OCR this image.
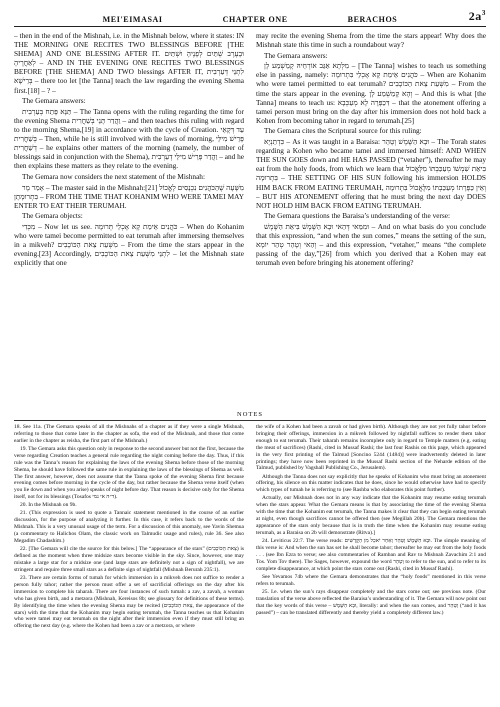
MEI'EIMASAI	CHAPTER ONE	BERACHOS	$2a^3$

– then in the end of the Mishnah, i.e. in the Mishnah below, where it states: IN THE MORNING ONE RECITES TWO BLESSINGS BEFORE [THE SHEMA] AND ONE BLESSING AFTER IT. וּבָעֶרֶב שְׁתַּיִם לְפָנֶיהָ וּשְׁתַּיִם לְאַחֲרֶיהָ – AND IN THE EVENING ONE RECITES TWO BLESSINGS BEFORE [THE SHEMA] AND TWO blessings AFTER IT, לִתְנֵי דְּעַרְבִית בְּרֵישָׁא – there too let [the Tanna] teach the law regarding the evening Shema first.[18] – ? –

The Gemara answers:

תַּנָּא פָּתַח בְּעַרְבִית – The Tanna opens with the ruling regarding the time for the evening Shema וַהֲדַר תָּנֵי בְּשַׁחֲרִית – and then teaches this ruling with regard to the morning Shema,[19] in accordance with the cycle of Creation. עַד דְּקָאֵי בְּשַׁחֲרִית – Then, while he is still involved with the laws of morning, פָּרֵישׁ מִילֵּי דְשַׁחֲרִית – he explains other matters of the morning (namely, the number of blessings said in conjunction with the Shema), וַהֲדַר פָּרֵישׁ מִילֵּי דְעַרְבִית – and he then explains these matters as they relate to the evening.

The Gemara now considers the next statement of the Mishnah:

אָמַר מָר – The master said in the Mishnah:[21] מִשָּׁעָה שֶׁהַכֹּהֲנִים נִכְנָסִים לֶאֱכוֹל בִּתְרוּמָתָן – FROM THE TIME THAT KOHANIM WHO WERE TAMEI MAY ENTER TO EAT THEIR TERUMAH.

The Gemara objects:

מִכְּדִי – Now let us see. כֹּהֲנִים אֵימַת קָא אָכְלֵי תְּרוּמָה – When do Kohanim who were tamei become permitted to eat terumah after immersing themselves in a mikveh? מִשְּׁעַת צֵאת הַכּוֹכָבִים – From the time the stars appear in the evening.[23] Accordingly, לִתְנֵי מִשְּׁעַת צֵאת הַכּוֹכָבִים – let the Mishnah state explicitly that one

may recite the evening Shema from the time the stars appear! Why does the Mishnah state this time in such a roundabout way?

The Gemara answers:

מִלְּתָא אַגַּב אוֹרְחֵיהּ קָמַשְׁמַע לָן – [The Tanna] wishes to teach us something else in passing, namely: כֹּהֲנִים אֵימַת קָא אָכְלֵי בִּתְרוּמָה – When are Kohanim who were tamei permitted to eat terumah? מִשְּׁעַת צֵאת הַכּוֹכָבִים – From the time the stars appear in the evening. וְהָא קָמַשְׁמַע לָן – And this is what [the Tanna] means to teach us: דִּכַפָּרָה לָא מְעַכְּבָא – that the atonement offering a tamei person must bring on the day after his immersion does not hold back a Kohen from becoming tahor in regard to terumah.[25]

The Gemara cites the Scriptural source for this ruling:

כִּדְתַנְיָא – As it was taught in a Baraisa: וּבָא הַשֶּׁמֶשׁ וְטָהֵר – The Torah states regarding a Kohen who became tamei and immersed himself: AND WHEN THE SUN GOES down and HE HAS PASSED (“vetaher”), thereafter he may eat from the holy foods, from which we learn that בִּיאַת שִׁמְשׁוֹ מְעַכַּבְתּוֹ מִלֶּאֱכוֹל בִּתְרוּמָה – THE SETTING OF HIS SUN following his immersion HOLDS HIM BACK FROM EATING TERUMAH, וְאֵין כַּפָּרָתוֹ מְעַכַּבְתּוֹ מִלֶּאֱכוֹל בִּתְרוּמָה – BUT HIS ATONEMENT offering that he must bring the next day DOES NOT HOLD HIM BACK FROM EATING TERUMAH.

The Gemara questions the Baraisa’s understanding of the verse:

וּמִמַּאי דְּהַאי וּבָא הַשֶּׁמֶשׁ בִּיאַת הַשֶּׁמֶשׁ – And on what basis do you conclude that this expression, “and when the sun comes,” means the setting of the sun, וְהַאי וְטָהֵר טְהַר יוֹמָא – and this expression, “vetaher,” means “the complete passing of the day,”[26] from which you derived that a Kohen may eat terumah even before bringing his atonement offering?

NOTES

18. See 11a. (The Gemara speaks of all the Mishnahs of a chapter as if they were a single Mishnah, referring to those that come later in the chapter as sofa, the end of the Mishnah, and those that come earlier in the chapter as reisha, the first part of the Mishnah.)

19. The Gemara asks this question only in response to the second answer but not the first, because the verse regarding Creation teaches a general rule regarding the night coming before the day. Thus, if this rule was the Tanna’s reason for explaining the laws of the evening Shema before those of the morning Shema, he should have followed the same rule in explaining the laws of the blessings of Shema as well. The first answer, however, does not assume that the Tanna spoke of the evening Shema first because evening comes before morning in the cycle of the day, but rather because the Shema verse itself (when you lie down and when you arise) speaks of night before day. That reason is decisive only for the Shema itself, not for its blessings (Tosafos ד״ה אי נמי).

20. In the Mishnah on 9b.

21. (This expression is used to quote a Tannaic statement mentioned in the course of an earlier discussion, for the purpose of analyzing it further. In this case, it refers back to the words of the Mishnah. This is a very unusual usage of the term. For a discussion of this anomaly, see Yavin Shemua (a commentary to Halichos Olam, the classic work on Talmudic usage and rules), rule 36. See also Megadim Chadashim.)

22. [The Gemara will cite the source for this below.] The “appearance of the stars” (צֵאת הַכּוֹכָבִים) is defined as the moment when three midsize stars become visible in the sky. Since, however, one may mistake a large star for a midsize one (and large stars are definitely not a sign of nightfall), we are stringent and require three small stars as a definite sign of nightfall (Mishnah Berurah 235:1).

23. There are certain forms of tumah for which immersion in a mikveh does not suffice to render a person fully tahor; rather the person must offer a set of sacrificial offerings on the day after his immersion to complete his taharah. There are four instances of such tumah: a zav, a zavah, a woman who has given birth, and a metzora (Mishnah, Kereisos 8b; see glossary for definitions of these terms). By identifying the time when the evening Shema may be recited (צֵאת הַכּוֹכָבִים, the appearance of the stars) with the time that the Kohanim may begin eating terumah, the Tanna teaches us that Kohanim who were tamei may eat terumah on the night after their immersion even if they must still bring an offering the next day (e.g. where the Kohen had been a zav or a metzora, or where

the wife of a Kohen had been a zavah or had given birth). Although they are not yet fully tahor before bringing their offerings, immersion in a mikveh followed by nightfall suffices to render them tahor enough to eat terumah. Their taharah remains incomplete only in regard to Temple matters (e.g. eating the meat of sacrifices) (Rashi, cited in Mussaf Rashi; the last four Rashis on this page, which appeared in the very first printing of the Talmud [Soncino 5244 (1484)] were inadvertently deleted in later printings; they have now been reprinted in the Mussaf Rashi section of the Neharde edition of the Talmud, published by Vagshall Publishing Co., Jerusalem).

Although the Tanna does not say explicitly that he speaks of Kohanim who must bring an atonement offering, his silence on this matter indicates that he does, since he would otherwise have had to specify which types of tumah he is referring to (see Rashba who elaborates this point further).

Actually, our Mishnah does not in any way indicate that the Kohanim may resume eating terumah when the stars appear. What the Gemara means is that by associating the time of the evening Shema with the time that the Kohanim eat terumah, the Tanna makes it clear that they can begin eating terumah at night, even though sacrifices cannot be offered then (see Megillah 20b). The Gemara mentions the appearance of the stars only because that is in truth the time when the Kohanim may resume eating terumah, as a Baraisa on 2b will demonstrate (Ritva).]

24. Leviticus 22:7. The verse reads: וּבָא הַשֶּׁמֶשׁ וְטָהֵר וְאַחַר יֹאכַל מִן הַקֳּדָשִׁים. The simple meaning of this verse is: And when the sun has set he shall become tahor; thereafter he may eat from the holy foods . . . (see Ibn Ezra to verse; see also commentaries of Ramban and Rav to Mishnah Zavachim 2:1 and Tos. Yom Tov there). The Sages, however, expound the word וְטָהֵר to refer to the sun, and to refer to its complete disappearance, at which point the stars come out (Rashi, cited in Mussaf Rashi).

See Yevamos 74b where the Gemara demonstrates that the “holy foods” mentioned in this verse refers to terumah.

25. I.e. when the sun’s rays disappear completely and the stars come out; see previous note. (Our translation of the verse above reflected the Baraisa’s understanding of it. The Gemara will now point out that the key words of this verse – וּבָא הַשֶּׁמֶשׁ, literally: and when the sun comes, and וְטָהֵר (“and it has passed”) – can be translated differently and thereby yield a completely different law.)
